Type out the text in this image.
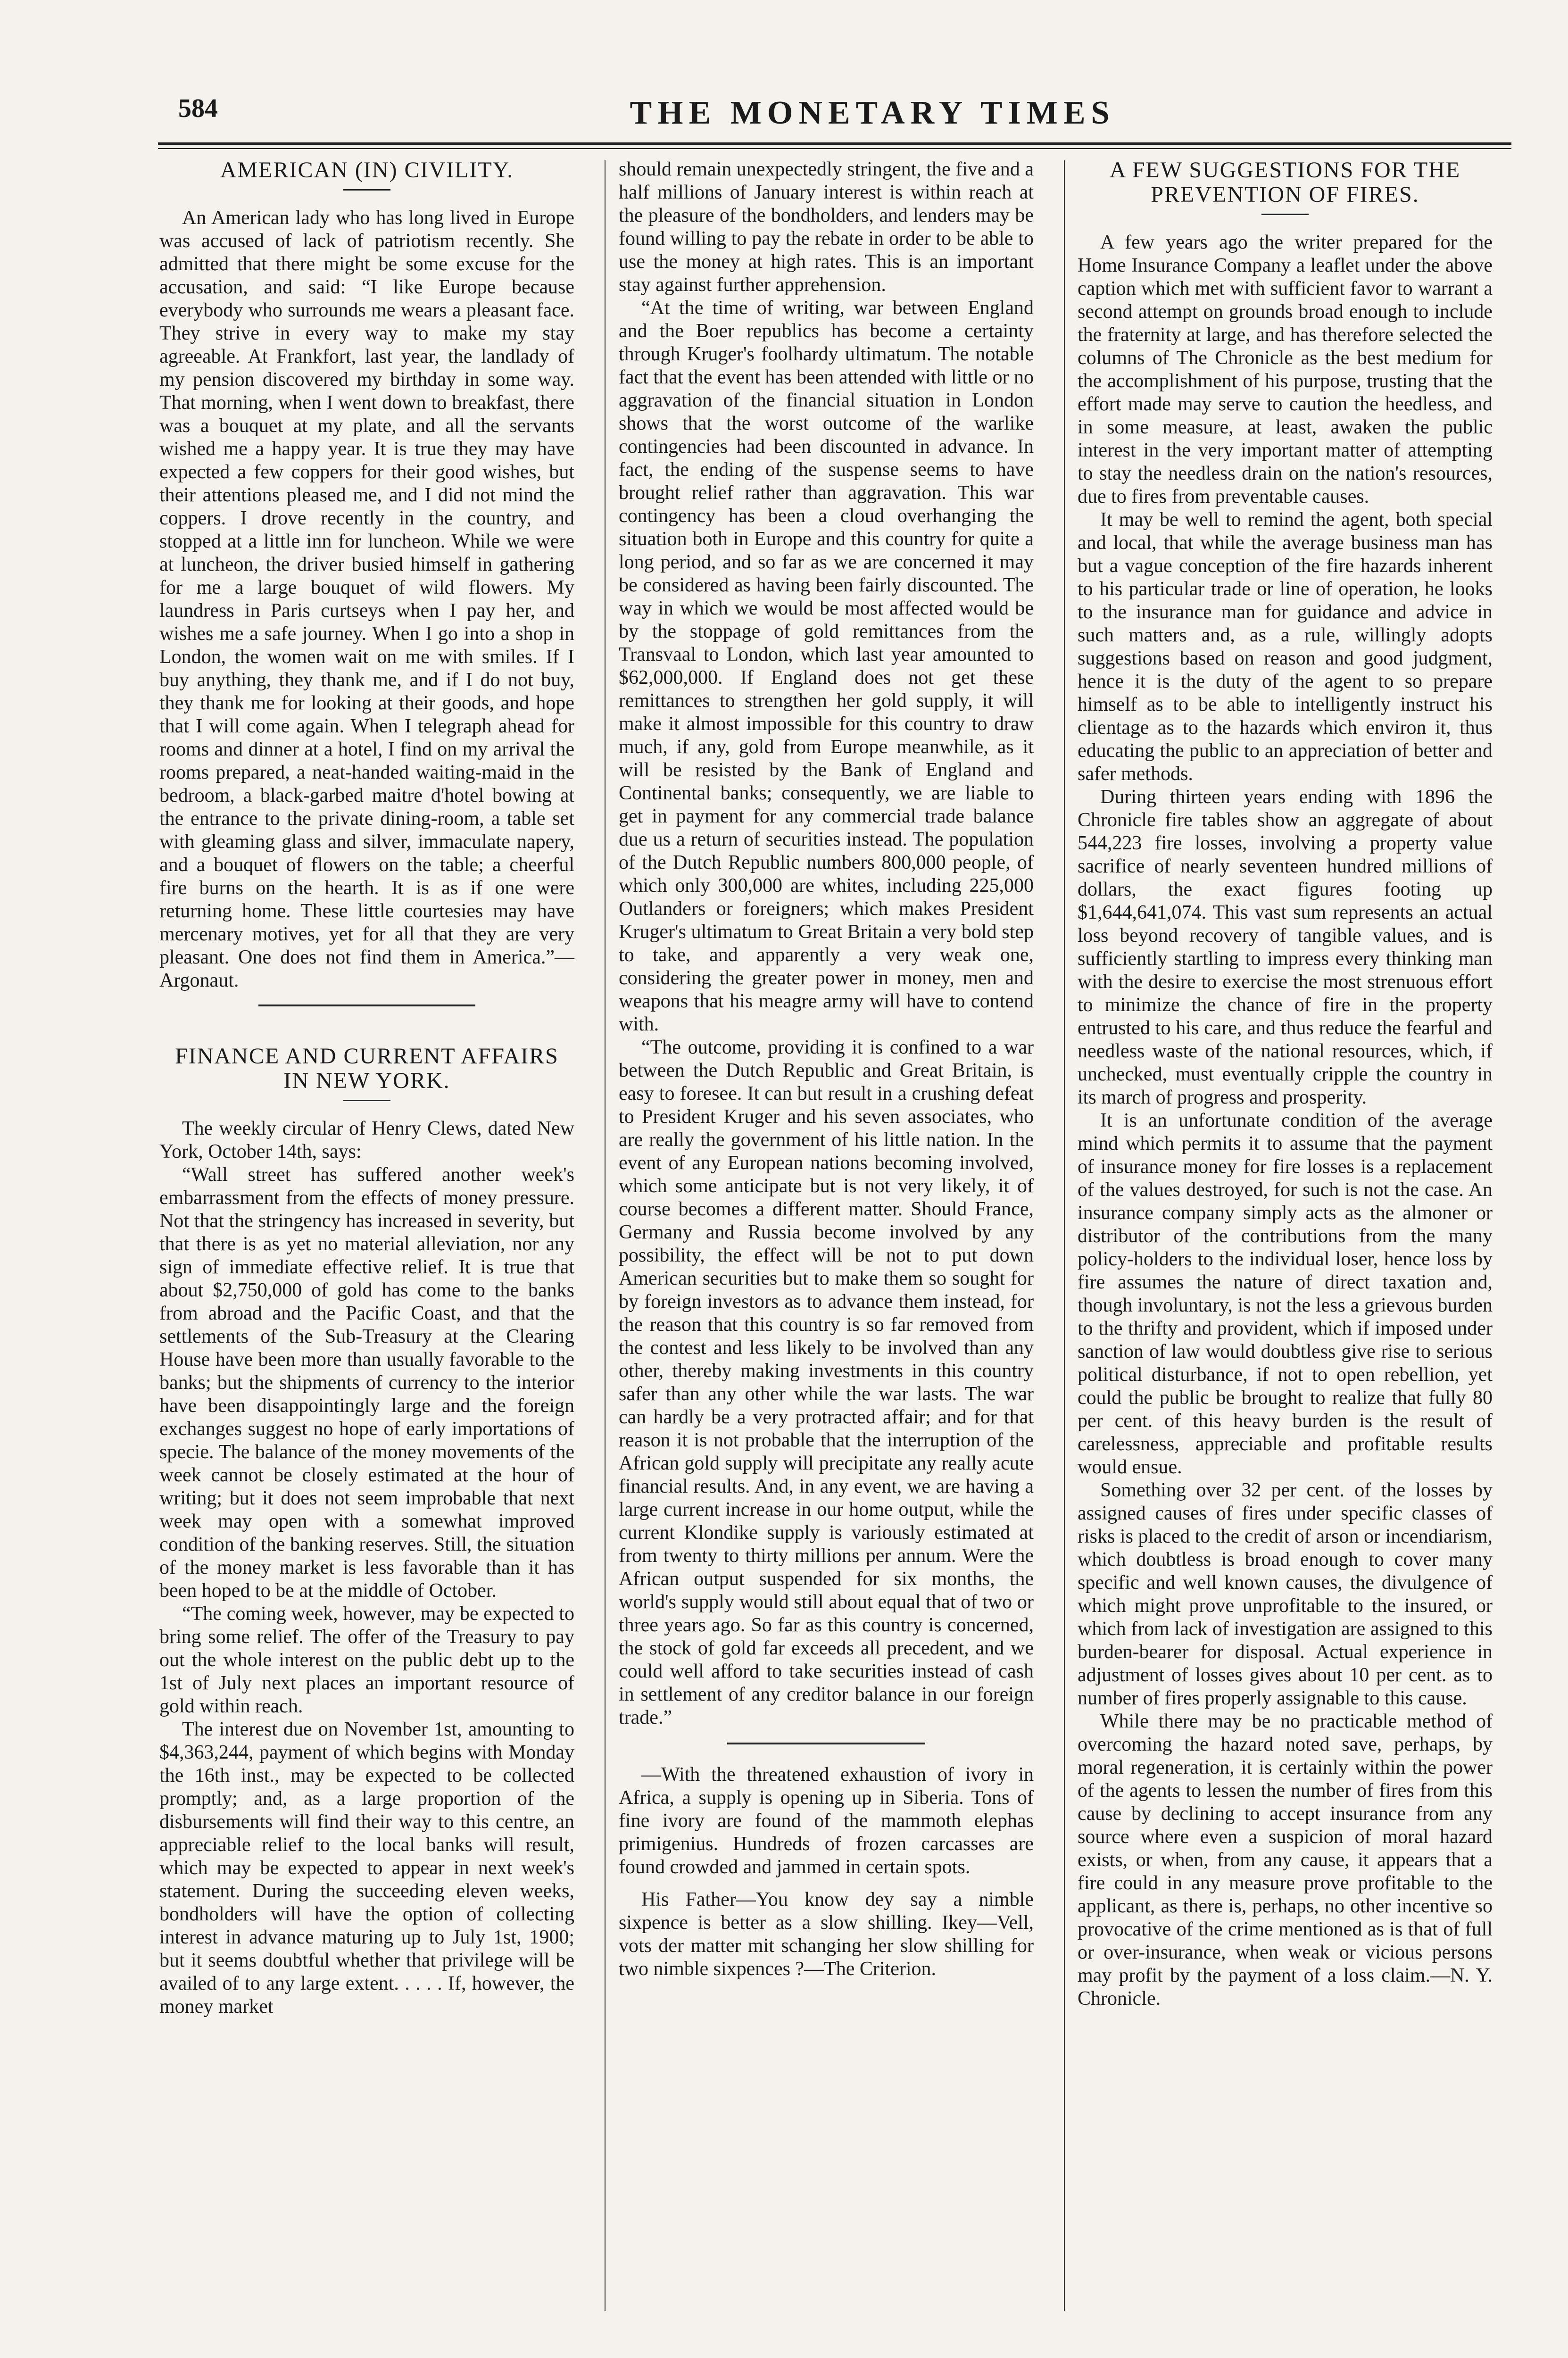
584	THE MONETARY TIMES
AMERICAN (IN) CIVILITY.

An American lady who has long lived in Europe was accused of lack of patriotism recently. She admitted that there might be some excuse for the accusation, and said: “I like Europe because everybody who surrounds me wears a pleasant face. They strive in every way to make my stay agreeable. At Frankfort, last year, the landlady of my pension discovered my birthday in some way. That morning, when I went down to breakfast, there was a bouquet at my plate, and all the servants wished me a happy year. It is true they may have expected a few coppers for their good wishes, but their attentions pleased me, and I did not mind the coppers. I drove recently in the country, and stopped at a little inn for luncheon. While we were at luncheon, the driver busied himself in gathering for me a large bouquet of wild flowers. My laundress in Paris curtseys when I pay her, and wishes me a safe journey. When I go into a shop in London, the women wait on me with smiles. If I buy anything, they thank me, and if I do not buy, they thank me for looking at their goods, and hope that I will come again. When I telegraph ahead for rooms and dinner at a hotel, I find on my arrival the rooms prepared, a neat-handed waiting-maid in the bedroom, a black-garbed maitre d'hotel bowing at the entrance to the private dining-room, a table set with gleaming glass and silver, immaculate napery, and a bouquet of flowers on the table; a cheerful fire burns on the hearth. It is as if one were returning home. These little courtesies may have mercenary motives, yet for all that they are very pleasant. One does not find them in America.”—Argonaut.

FINANCE AND CURRENT AFFAIRS IN NEW YORK.

The weekly circular of Henry Clews, dated New York, October 14th, says:

“Wall street has suffered another week's embarrassment from the effects of money pressure. Not that the stringency has increased in severity, but that there is as yet no material alleviation, nor any sign of immediate effective relief. It is true that about $2,750,000 of gold has come to the banks from abroad and the Pacific Coast, and that the settlements of the Sub-Treasury at the Clearing House have been more than usually favorable to the banks; but the shipments of currency to the interior have been disappointingly large and the foreign exchanges suggest no hope of early importations of specie. The balance of the money movements of the week cannot be closely estimated at the hour of writing; but it does not seem improbable that next week may open with a somewhat improved condition of the banking reserves. Still, the situation of the money market is less favorable than it has been hoped to be at the middle of October.

“The coming week, however, may be expected to bring some relief. The offer of the Treasury to pay out the whole interest on the public debt up to the 1st of July next places an important resource of gold within reach.

The interest due on November 1st, amounting to $4,363,244, payment of which begins with Monday the 16th inst., may be expected to be collected promptly; and, as a large proportion of the disbursements will find their way to this centre, an appreciable relief to the local banks will result, which may be expected to appear in next week's statement. During the succeeding eleven weeks, bondholders will have the option of collecting interest in advance maturing up to July 1st, 1900; but it seems doubtful whether that privilege will be availed of to any large extent. . . . . If, however, the money market

should remain unexpectedly stringent, the five and a half millions of January interest is within reach at the pleasure of the bondholders, and lenders may be found willing to pay the rebate in order to be able to use the money at high rates. This is an important stay against further apprehension.

“At the time of writing, war between England and the Boer republics has become a certainty through Kruger's foolhardy ultimatum. The notable fact that the event has been attended with little or no aggravation of the financial situation in London shows that the worst outcome of the warlike contingencies had been discounted in advance. In fact, the ending of the suspense seems to have brought relief rather than aggravation. This war contingency has been a cloud overhanging the situation both in Europe and this country for quite a long period, and so far as we are concerned it may be considered as having been fairly discounted. The way in which we would be most affected would be by the stoppage of gold remittances from the Transvaal to London, which last year amounted to $62,000,000. If England does not get these remittances to strengthen her gold supply, it will make it almost impossible for this country to draw much, if any, gold from Europe meanwhile, as it will be resisted by the Bank of England and Continental banks; consequently, we are liable to get in payment for any commercial trade balance due us a return of securities instead. The population of the Dutch Republic numbers 800,000 people, of which only 300,000 are whites, including 225,000 Outlanders or foreigners; which makes President Kruger's ultimatum to Great Britain a very bold step to take, and apparently a very weak one, considering the greater power in money, men and weapons that his meagre army will have to contend with.

“The outcome, providing it is confined to a war between the Dutch Republic and Great Britain, is easy to foresee. It can but result in a crushing defeat to President Kruger and his seven associates, who are really the government of his little nation. In the event of any European nations becoming involved, which some anticipate but is not very likely, it of course becomes a different matter. Should France, Germany and Russia become involved by any possibility, the effect will be not to put down American securities but to make them so sought for by foreign investors as to advance them instead, for the reason that this country is so far removed from the contest and less likely to be involved than any other, thereby making investments in this country safer than any other while the war lasts. The war can hardly be a very protracted affair; and for that reason it is not probable that the interruption of the African gold supply will precipitate any really acute financial results. And, in any event, we are having a large current increase in our home output, while the current Klondike supply is variously estimated at from twenty to thirty millions per annum. Were the African output suspended for six months, the world's supply would still about equal that of two or three years ago. So far as this country is concerned, the stock of gold far exceeds all precedent, and we could well afford to take securities instead of cash in settlement of any creditor balance in our foreign trade.”

—With the threatened exhaustion of ivory in Africa, a supply is opening up in Siberia. Tons of fine ivory are found of the mammoth elephas primigenius. Hundreds of frozen carcasses are found crowded and jammed in certain spots.

His Father—You know dey say a nimble sixpence is better as a slow shilling. Ikey—Vell, vots der matter mit schanging her slow shilling for two nimble sixpences ?—The Criterion.

A FEW SUGGESTIONS FOR THE PREVENTION OF FIRES.

A few years ago the writer prepared for the Home Insurance Company a leaflet under the above caption which met with sufficient favor to warrant a second attempt on grounds broad enough to include the fraternity at large, and has therefore selected the columns of The Chronicle as the best medium for the accomplishment of his purpose, trusting that the effort made may serve to caution the heedless, and in some measure, at least, awaken the public interest in the very important matter of attempting to stay the needless drain on the nation's resources, due to fires from preventable causes.

It may be well to remind the agent, both special and local, that while the average business man has but a vague conception of the fire hazards inherent to his particular trade or line of operation, he looks to the insurance man for guidance and advice in such matters and, as a rule, willingly adopts suggestions based on reason and good judgment, hence it is the duty of the agent to so prepare himself as to be able to intelligently instruct his clientage as to the hazards which environ it, thus educating the public to an appreciation of better and safer methods.

During thirteen years ending with 1896 the Chronicle fire tables show an aggregate of about 544,223 fire losses, involving a property value sacrifice of nearly seventeen hundred millions of dollars, the exact figures footing up $1,644,641,074. This vast sum represents an actual loss beyond recovery of tangible values, and is sufficiently startling to impress every thinking man with the desire to exercise the most strenuous effort to minimize the chance of fire in the property entrusted to his care, and thus reduce the fearful and needless waste of the national resources, which, if unchecked, must eventually cripple the country in its march of progress and prosperity.

It is an unfortunate condition of the average mind which permits it to assume that the payment of insurance money for fire losses is a replacement of the values destroyed, for such is not the case. An insurance company simply acts as the almoner or distributor of the contributions from the many policy-holders to the individual loser, hence loss by fire assumes the nature of direct taxation and, though involuntary, is not the less a grievous burden to the thrifty and provident, which if imposed under sanction of law would doubtless give rise to serious political disturbance, if not to open rebellion, yet could the public be brought to realize that fully 80 per cent. of this heavy burden is the result of carelessness, appreciable and profitable results would ensue.

Something over 32 per cent. of the losses by assigned causes of fires under specific classes of risks is placed to the credit of arson or incendiarism, which doubtless is broad enough to cover many specific and well known causes, the divulgence of which might prove unprofitable to the insured, or which from lack of investigation are assigned to this burden-bearer for disposal. Actual experience in adjustment of losses gives about 10 per cent. as to number of fires properly assignable to this cause.

While there may be no practicable method of overcoming the hazard noted save, perhaps, by moral regeneration, it is certainly within the power of the agents to lessen the number of fires from this cause by declining to accept insurance from any source where even a suspicion of moral hazard exists, or when, from any cause, it appears that a fire could in any measure prove profitable to the applicant, as there is, perhaps, no other incentive so provocative of the crime mentioned as is that of full or over-insurance, when weak or vicious persons may profit by the payment of a loss claim.—N. Y. Chronicle.
